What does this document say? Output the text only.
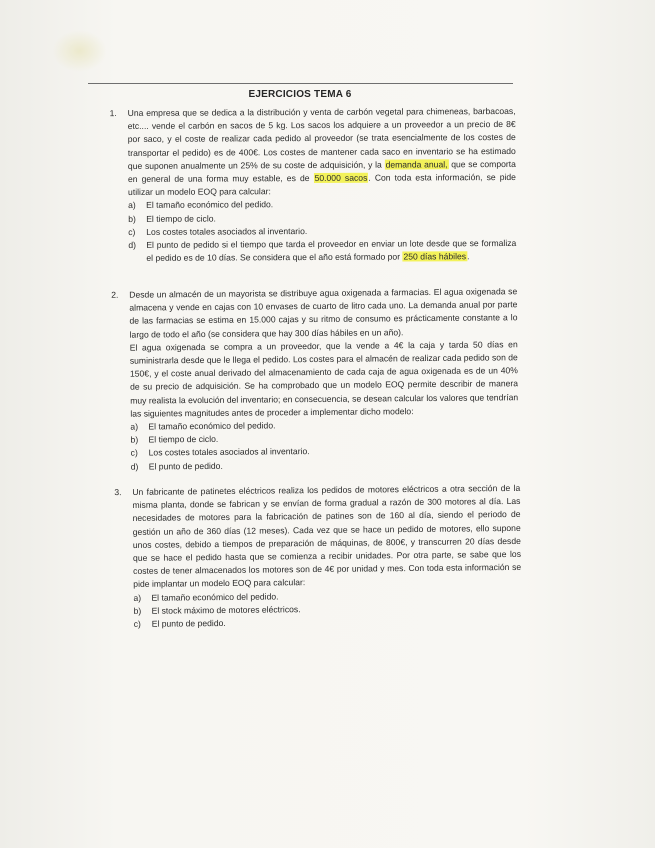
EJERCICIOS TEMA 6
1. Una empresa que se dedica a la distribución y venta de carbón vegetal para chimeneas, barbacoas, etc.... vende el carbón en sacos de 5 kg. Los sacos los adquiere a un proveedor a un precio de 8€ por saco, y el coste de realizar cada pedido al proveedor (se trata esencialmente de los costes de transportar el pedido) es de 400€. Los costes de mantener cada saco en inventario se ha estimado que suponen anualmente un 25% de su coste de adquisición, y la demanda anual, que se comporta en general de una forma muy estable, es de 50.000 sacos. Con toda esta información, se pide utilizar un modelo EOQ para calcular:
a) El tamaño económico del pedido.
b) El tiempo de ciclo.
c) Los costes totales asociados al inventario.
d) El punto de pedido si el tiempo que tarda el proveedor en enviar un lote desde que se formaliza el pedido es de 10 días. Se considera que el año está formado por 250 días hábiles.
2. Desde un almacén de un mayorista se distribuye agua oxigenada a farmacias. El agua oxigenada se almacena y vende en cajas con 10 envases de cuarto de litro cada uno. La demanda anual por parte de las farmacias se estima en 15.000 cajas y su ritmo de consumo es prácticamente constante a lo largo de todo el año (se considera que hay 300 días hábiles en un año).
El agua oxigenada se compra a un proveedor, que la vende a 4€ la caja y tarda 50 días en suministrarla desde que le llega el pedido. Los costes para el almacén de realizar cada pedido son de 150€, y el coste anual derivado del almacenamiento de cada caja de agua oxigenada es de un 40% de su precio de adquisición. Se ha comprobado que un modelo EOQ permite describir de manera muy realista la evolución del inventario; en consecuencia, se desean calcular los valores que tendrían las siguientes magnitudes antes de proceder a implementar dicho modelo:
a) El tamaño económico del pedido.
b) El tiempo de ciclo.
c) Los costes totales asociados al inventario.
d) El punto de pedido.
3. Un fabricante de patinetes eléctricos realiza los pedidos de motores eléctricos a otra sección de la misma planta, donde se fabrican y se envían de forma gradual a razón de 300 motores al día. Las necesidades de motores para la fabricación de patines son de 160 al día, siendo el periodo de gestión un año de 360 días (12 meses). Cada vez que se hace un pedido de motores, ello supone unos costes, debido a tiempos de preparación de máquinas, de 800€, y transcurren 20 días desde que se hace el pedido hasta que se comienza a recibir unidades. Por otra parte, se sabe que los costes de tener almacenados los motores son de 4€ por unidad y mes. Con toda esta información se pide implantar un modelo EOQ para calcular:
a) El tamaño económico del pedido.
b) El stock máximo de motores eléctricos.
c) El punto de pedido.
